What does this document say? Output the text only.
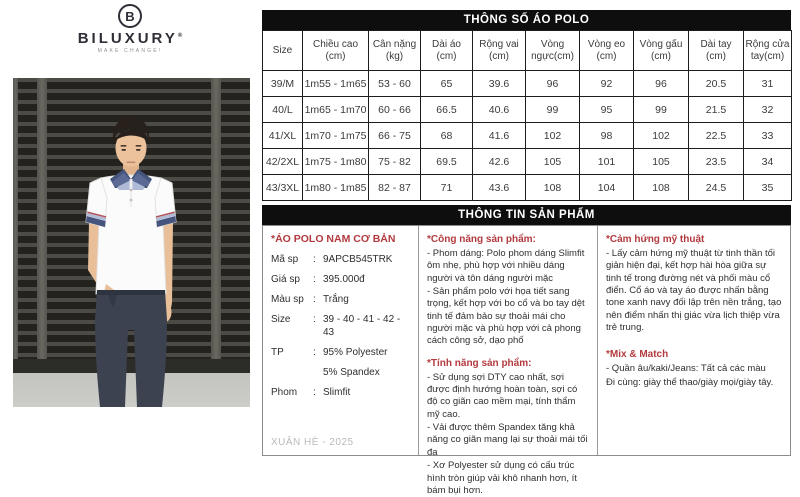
B
BILUXURY®
MAKE CHANGE!
THÔNG SỐ ÁO POLO
Size	Chiều cao (cm)	Cân nặng (kg)	Dài áo (cm)	Rộng vai (cm)	Vòng ngực(cm)	Vòng eo (cm)	Vòng gấu (cm)	Dài tay (cm)	Rộng cửa tay(cm)
39/M	1m55 - 1m65	53 - 60	65	39.6	96	92	96	20.5	31
40/L	1m65 - 1m70	60 - 66	66.5	40.6	99	95	99	21.5	32
41/XL	1m70 - 1m75	66 - 75	68	41.6	102	98	102	22.5	33
42/2XL	1m75 - 1m80	75 - 82	69.5	42.6	105	101	105	23.5	34
43/3XL	1m80 - 1m85	82 - 87	71	43.6	108	104	108	24.5	35
THÔNG TIN SẢN PHẨM
*ÁO POLO NAM CƠ BẢN
Mã sp	: 9APCB545TRK
Giá sp	: 395.000đ
Màu sp : Trắng
Size	: 39 - 40 - 41 - 42 - 43
TP	: 95% Polyester
5% Spandex
Phom	: Slimfit
XUÂN HÈ - 2025
*Công năng sản phẩm:
- Phom dáng: Polo phom dáng Slimfit ôm nhẹ, phù hợp với nhiều dáng người và tôn dáng người mặc
- Sản phẩm polo với họa tiết sang trọng, kết hợp với bo cổ và bo tay dệt tinh tế đảm bảo sự thoải mái cho người mặc và phù hợp với cả phong cách công sở, dạo phố
*Tính năng sản phẩm:
- Sử dụng sợi DTY cao nhất, sợi được định hướng hoàn toàn, sợi có độ co giãn cao mềm mại, tính thẩm mỹ cao.
- Vải được thêm Spandex tăng khả năng co giãn mang lại sự thoải mái tối đa
- Xơ Polyester sử dụng có cấu trúc hình tròn giúp vải khô nhanh hơn, ít bám bụi hơn.
*Cảm hứng mỹ thuật
- Lấy cảm hứng mỹ thuật từ tinh thần tối giản hiện đại, kết hợp hài hòa giữa sự tinh tế trong đường nét và phối màu cổ điển. Cổ áo và tay áo được nhấn bằng tone xanh navy đối lập trên nền trắng, tạo nên điểm nhấn thị giác vừa lịch thiệp vừa trẻ trung.
*Mix & Match
- Quần âu/kaki/Jeans: Tất cả các màu
Đi cùng: giày thể thao/giày mọi/giày tây.
